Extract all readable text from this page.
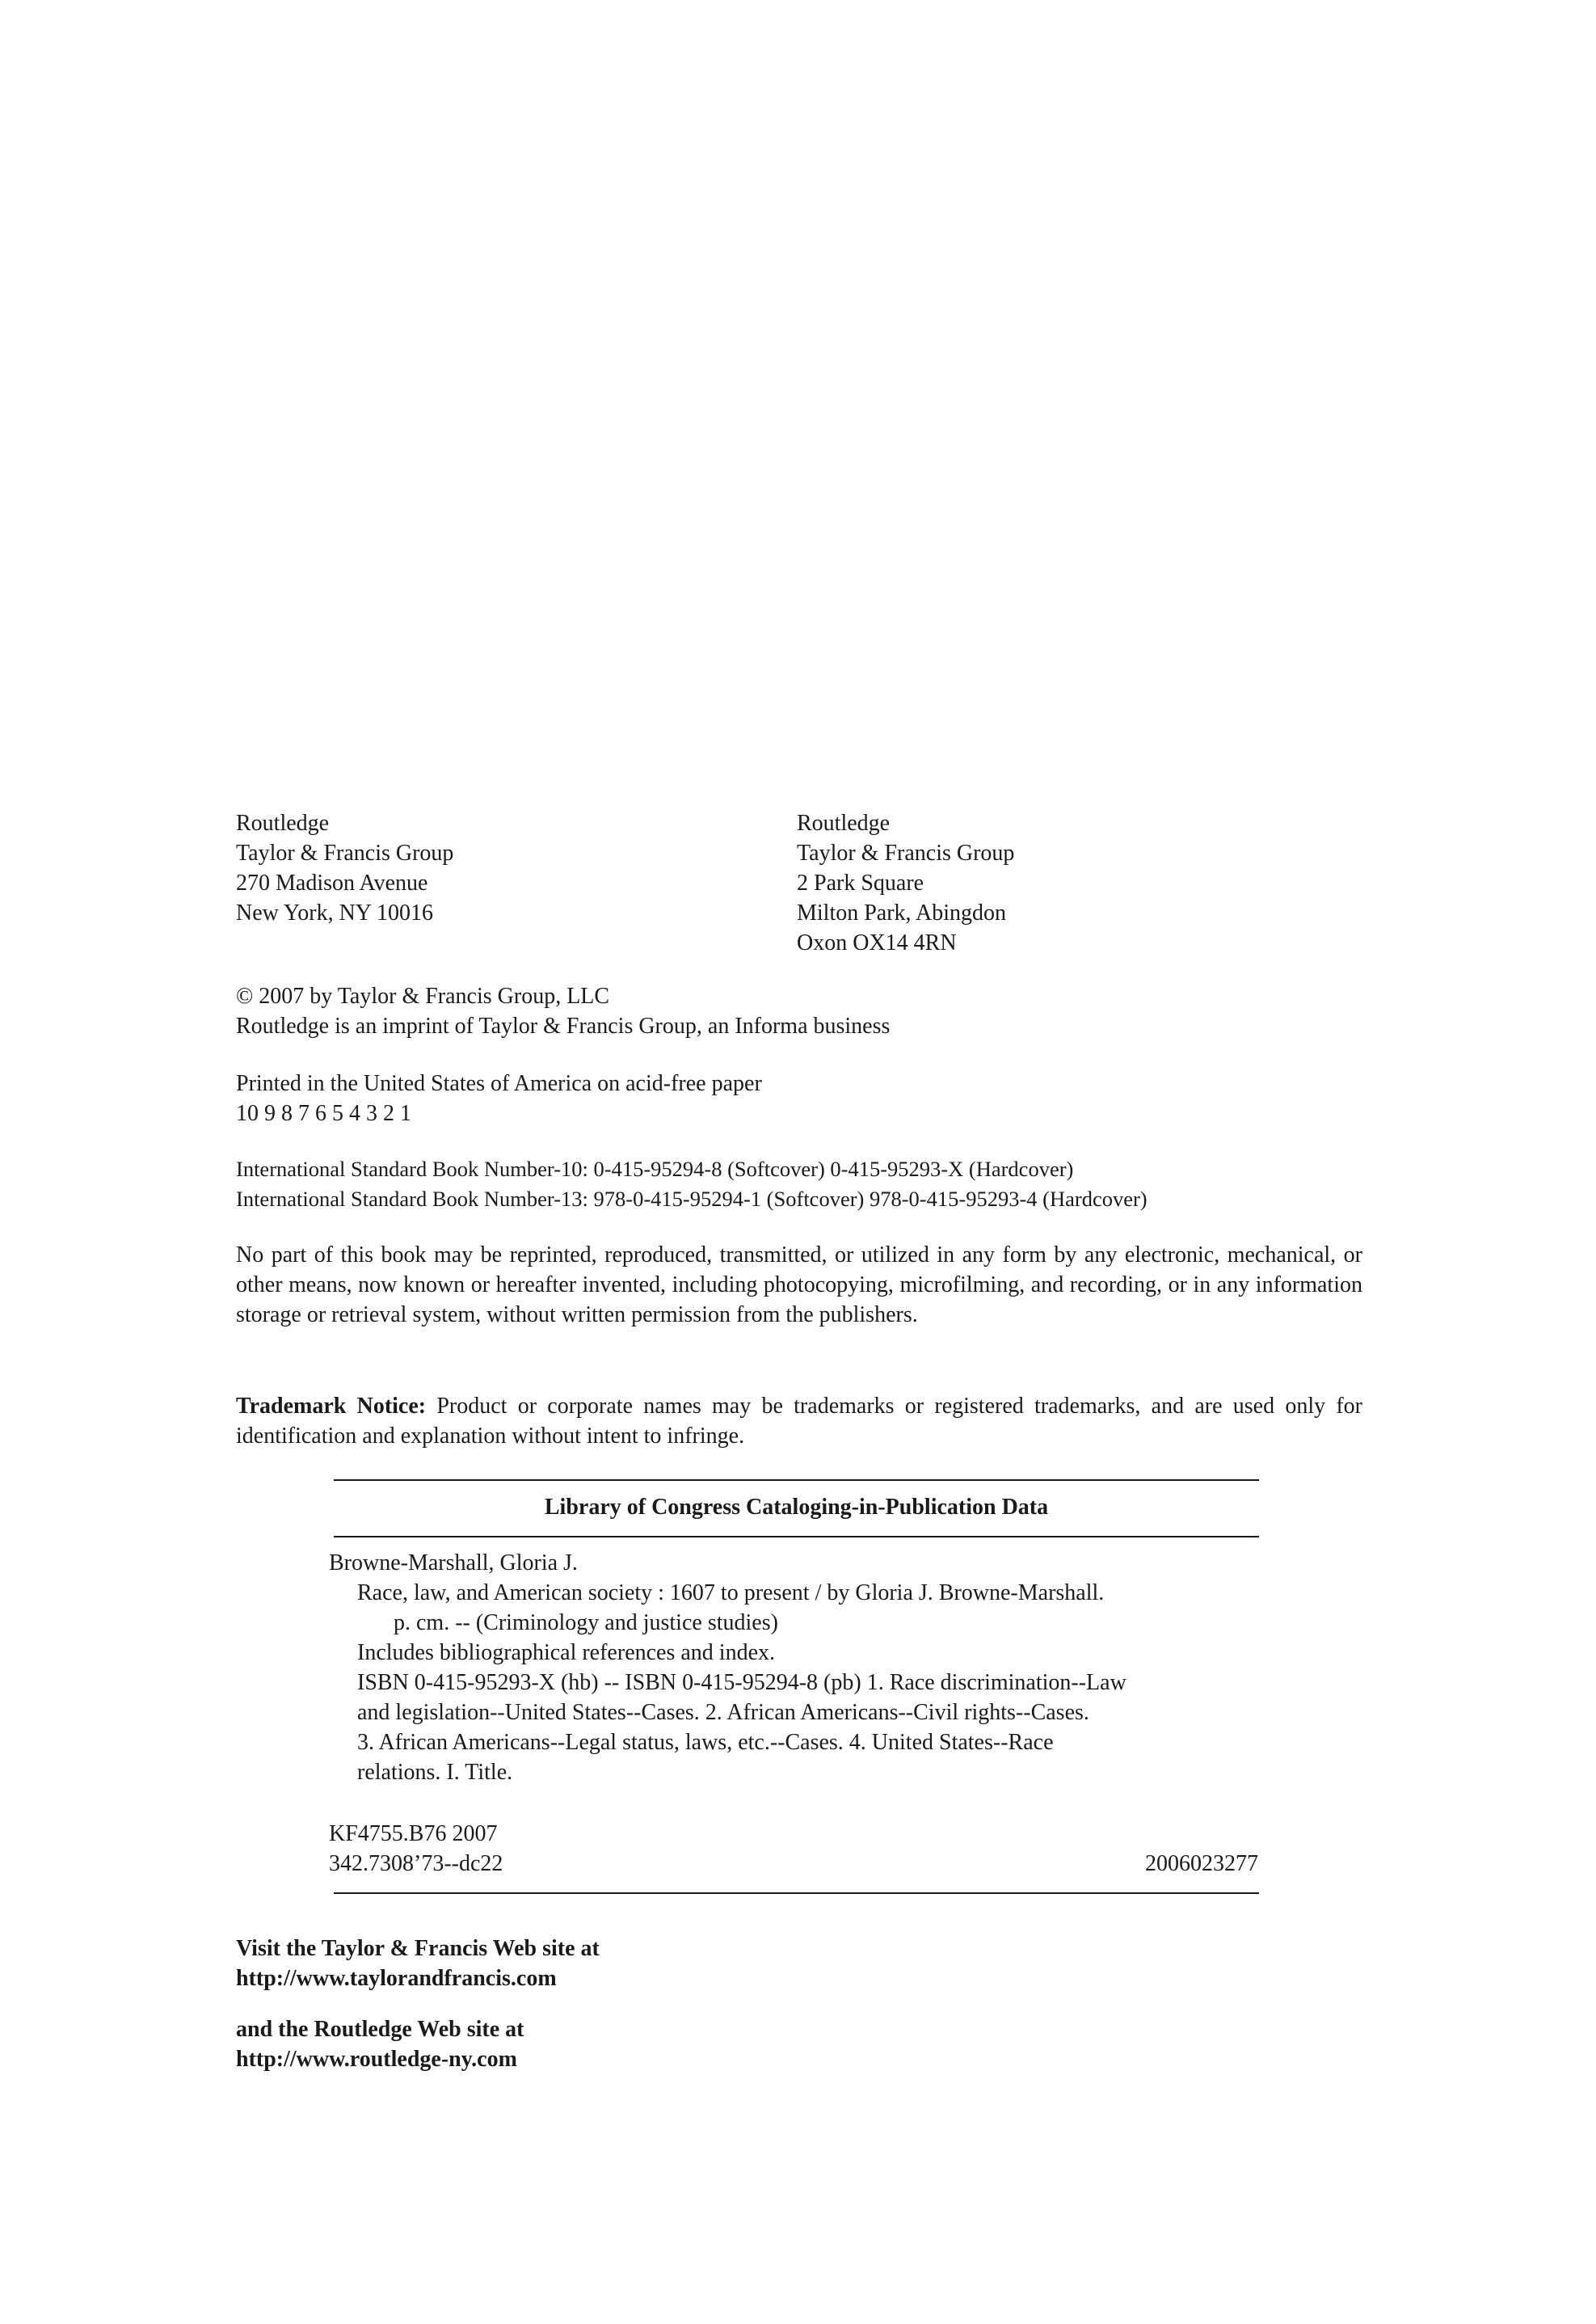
Routledge
Taylor & Francis Group
270 Madison Avenue
New York, NY 10016
Routledge
Taylor & Francis Group
2 Park Square
Milton Park, Abingdon
Oxon OX14 4RN
© 2007 by Taylor & Francis Group, LLC
Routledge is an imprint of Taylor & Francis Group, an Informa business
Printed in the United States of America on acid-free paper
10 9 8 7 6 5 4 3 2 1
International Standard Book Number-10: 0-415-95294-8 (Softcover) 0-415-95293-X (Hardcover)
International Standard Book Number-13: 978-0-415-95294-1 (Softcover) 978-0-415-95293-4 (Hardcover)

No part of this book may be reprinted, reproduced, transmitted, or utilized in any form by any electronic, mechanical, or other means, now known or hereafter invented, including photocopying, microfilming, and recording, or in any information storage or retrieval system, without written permission from the publishers.

Trademark Notice: Product or corporate names may be trademarks or registered trademarks, and are used only for identification and explanation without intent to infringe.

Library of Congress Cataloging-in-Publication Data
Browne-Marshall, Gloria J.
Race, law, and American society : 1607 to present / by Gloria J. Browne-Marshall.
p. cm. -- (Criminology and justice studies)
Includes bibliographical references and index.
ISBN 0-415-95293-X (hb) -- ISBN 0-415-95294-8 (pb) 1. Race discrimination--Law
and legislation--United States--Cases. 2. African Americans--Civil rights--Cases.
3. African Americans--Legal status, laws, etc.--Cases. 4. United States--Race
relations. I. Title.
KF4755.B76 2007
342.7308’73--dc22	2006023277
Visit the Taylor & Francis Web site at
http://www.taylorandfrancis.com
and the Routledge Web site at
http://www.routledge-ny.com
